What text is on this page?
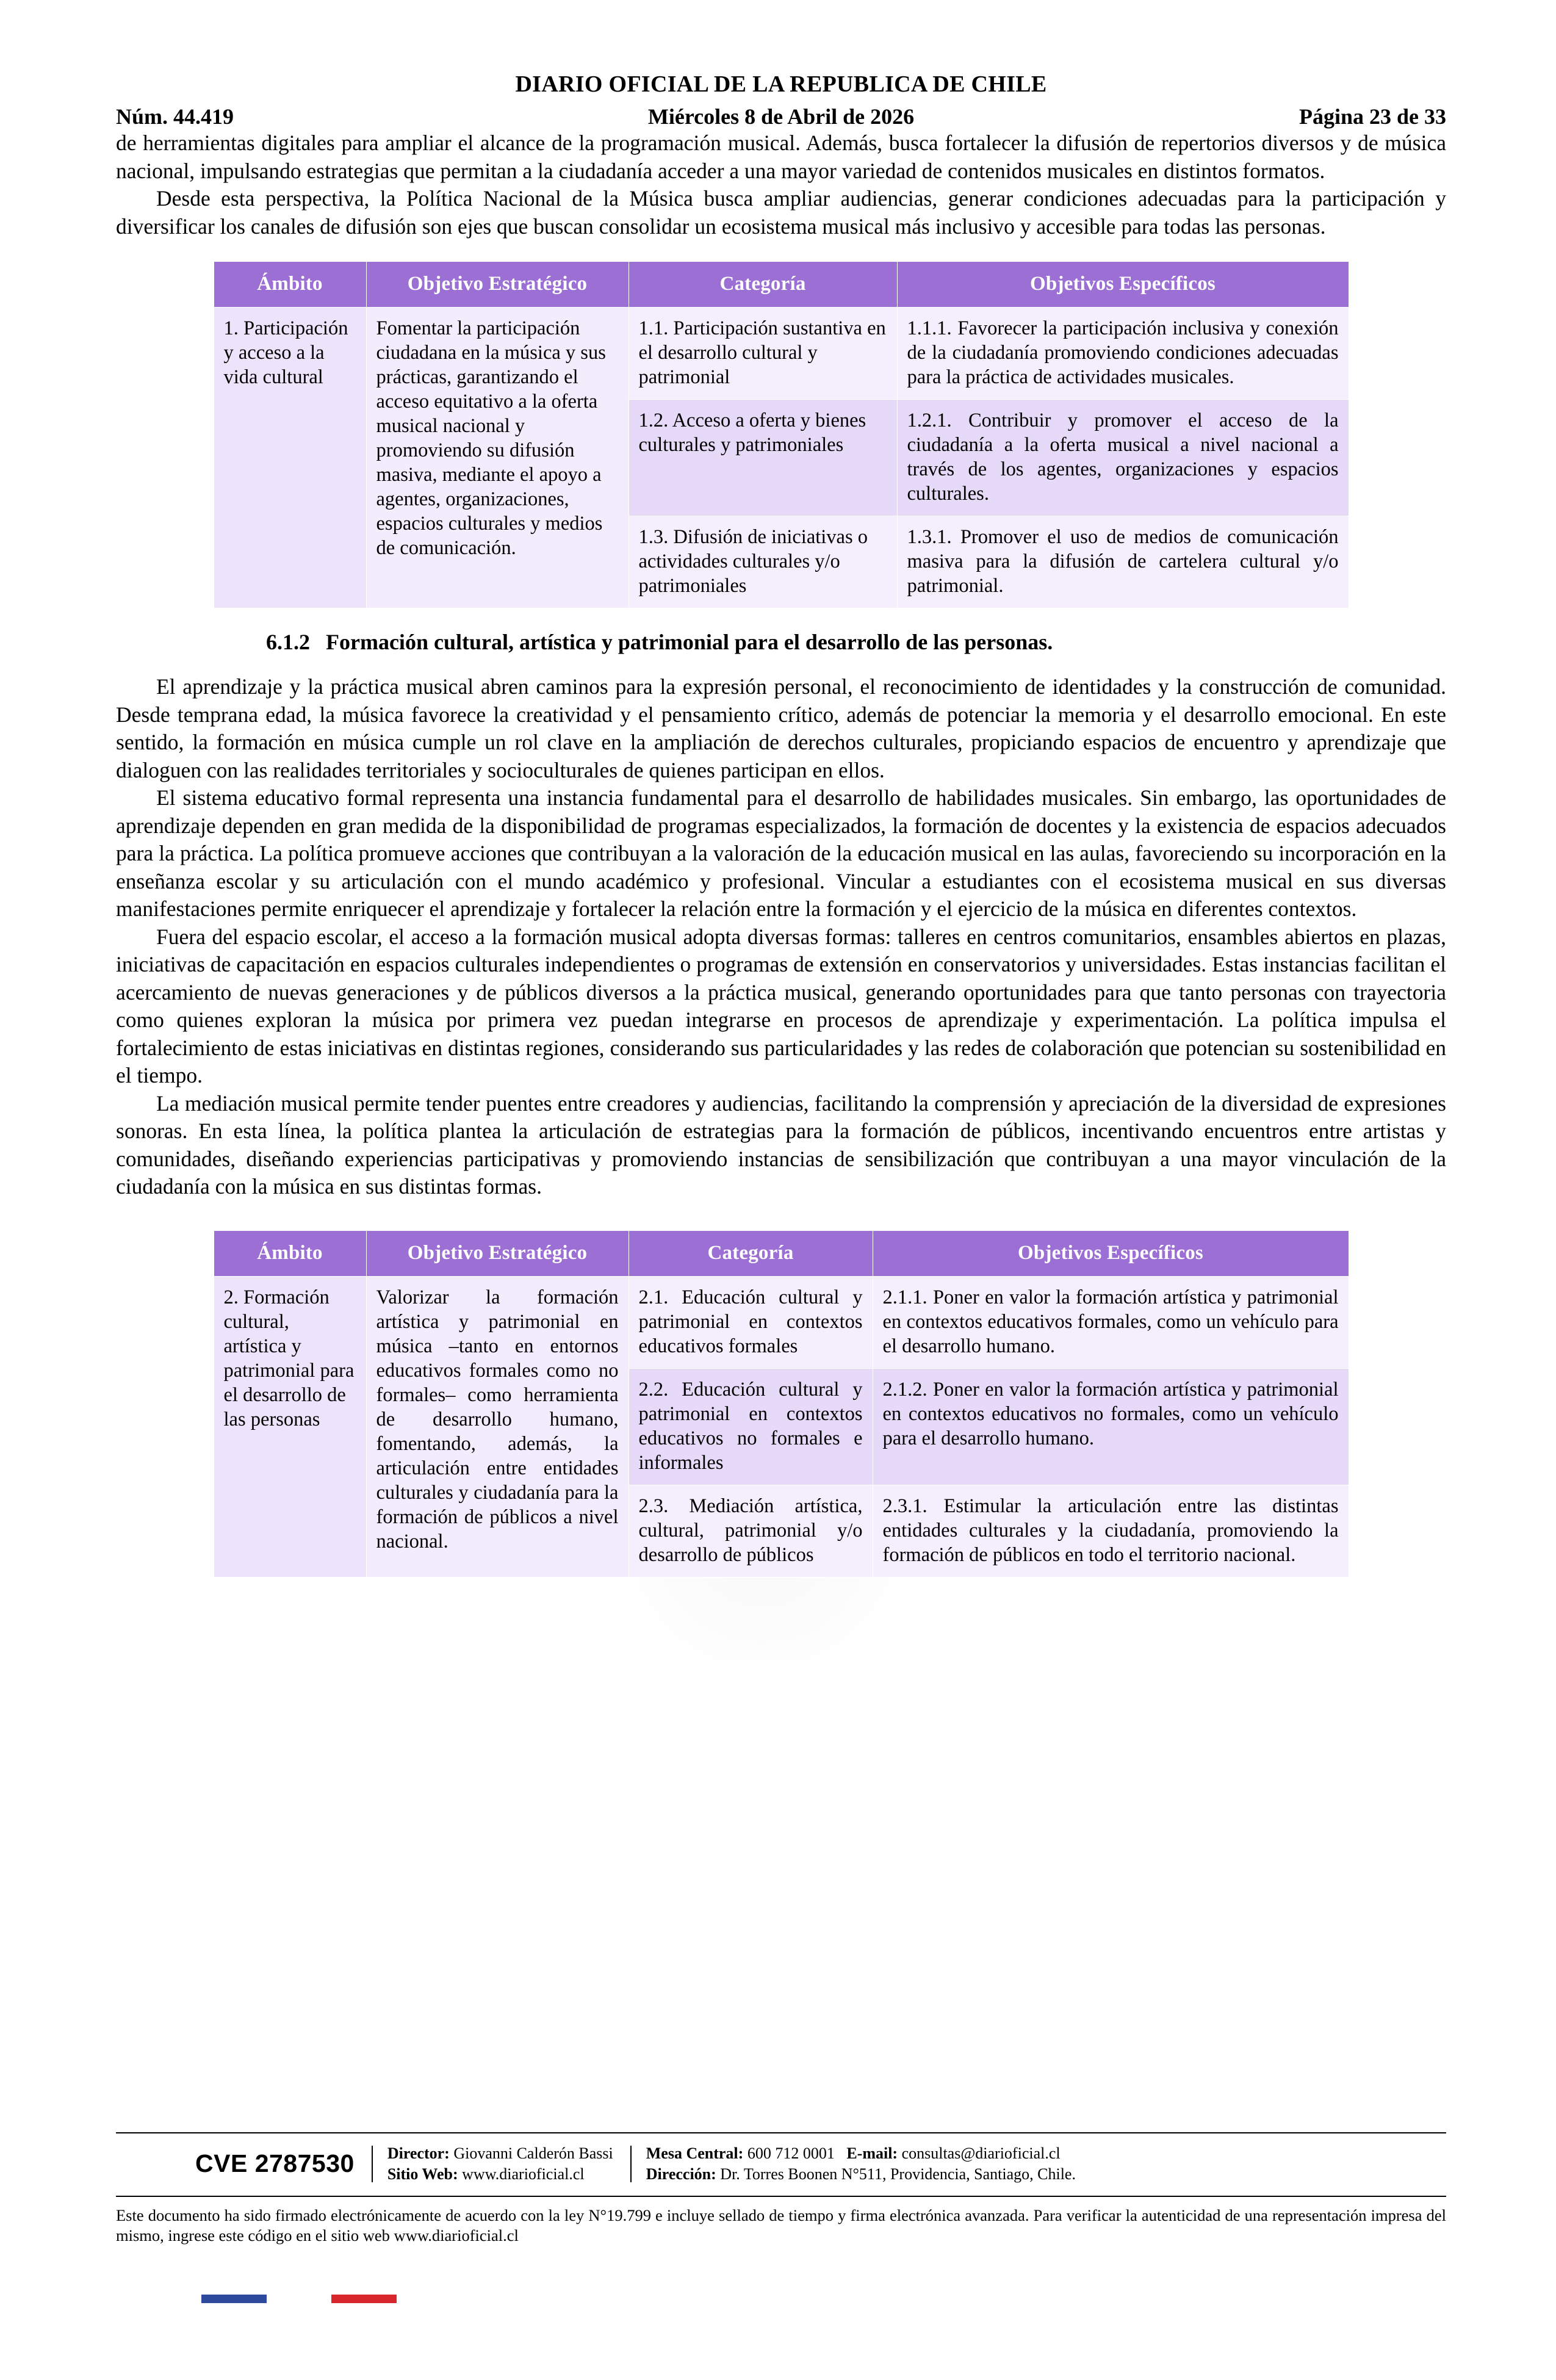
DIARIO OFICIAL DE LA REPUBLICA DE CHILE
Núm. 44.419	Miércoles 8 de Abril de 2026	Página 23 de 33

de herramientas digitales para ampliar el alcance de la programación musical. Además, busca fortalecer la difusión de repertorios diversos y de música nacional, impulsando estrategias que permitan a la ciudadanía acceder a una mayor variedad de contenidos musicales en distintos formatos.

Desde esta perspectiva, la Política Nacional de la Música busca ampliar audiencias, generar condiciones adecuadas para la participación y diversificar los canales de difusión son ejes que buscan consolidar un ecosistema musical más inclusivo y accesible para todas las personas.

Ámbito	Objetivo Estratégico	Categoría	Objetivos Específicos
1. Participación y acceso a la vida cultural	Fomentar la participación ciudadana en la música y sus prácticas, garantizando el acceso equitativo a la oferta musical nacional y promoviendo su difusión masiva, mediante el apoyo a agentes, organizaciones, espacios culturales y medios de comunicación.	1.1. Participación sustantiva en el desarrollo cultural y patrimonial	1.1.1. Favorecer la participación inclusiva y conexión de la ciudadanía promoviendo condiciones adecuadas para la práctica de actividades musicales.
		1.2. Acceso a oferta y bienes culturales y patrimoniales	1.2.1. Contribuir y promover el acceso de la ciudadanía a la oferta musical a nivel nacional a través de los agentes, organizaciones y espacios culturales.
		1.3. Difusión de iniciativas o actividades culturales y/o patrimoniales	1.3.1. Promover el uso de medios de comunicación masiva para la difusión de cartelera cultural y/o patrimonial.
6.1.2 Formación cultural, artística y patrimonial para el desarrollo de las personas.

El aprendizaje y la práctica musical abren caminos para la expresión personal, el reconocimiento de identidades y la construcción de comunidad. Desde temprana edad, la música favorece la creatividad y el pensamiento crítico, además de potenciar la memoria y el desarrollo emocional. En este sentido, la formación en música cumple un rol clave en la ampliación de derechos culturales, propiciando espacios de encuentro y aprendizaje que dialoguen con las realidades territoriales y socioculturales de quienes participan en ellos.

El sistema educativo formal representa una instancia fundamental para el desarrollo de habilidades musicales. Sin embargo, las oportunidades de aprendizaje dependen en gran medida de la disponibilidad de programas especializados, la formación de docentes y la existencia de espacios adecuados para la práctica. La política promueve acciones que contribuyan a la valoración de la educación musical en las aulas, favoreciendo su incorporación en la enseñanza escolar y su articulación con el mundo académico y profesional. Vincular a estudiantes con el ecosistema musical en sus diversas manifestaciones permite enriquecer el aprendizaje y fortalecer la relación entre la formación y el ejercicio de la música en diferentes contextos.

Fuera del espacio escolar, el acceso a la formación musical adopta diversas formas: talleres en centros comunitarios, ensambles abiertos en plazas, iniciativas de capacitación en espacios culturales independientes o programas de extensión en conservatorios y universidades. Estas instancias facilitan el acercamiento de nuevas generaciones y de públicos diversos a la práctica musical, generando oportunidades para que tanto personas con trayectoria como quienes exploran la música por primera vez puedan integrarse en procesos de aprendizaje y experimentación. La política impulsa el fortalecimiento de estas iniciativas en distintas regiones, considerando sus particularidades y las redes de colaboración que potencian su sostenibilidad en el tiempo.

La mediación musical permite tender puentes entre creadores y audiencias, facilitando la comprensión y apreciación de la diversidad de expresiones sonoras. En esta línea, la política plantea la articulación de estrategias para la formación de públicos, incentivando encuentros entre artistas y comunidades, diseñando experiencias participativas y promoviendo instancias de sensibilización que contribuyan a una mayor vinculación de la ciudadanía con la música en sus distintas formas.

Ámbito	Objetivo Estratégico	Categoría	Objetivos Específicos
2. Formación cultural, artística y patrimonial para el desarrollo de las personas	Valorizar la formación artística y patrimonial en música –tanto en entornos educativos formales como no formales– como herramienta de desarrollo humano, fomentando, además, la articulación entre entidades culturales y ciudadanía para la formación de públicos a nivel nacional.	2.1. Educación cultural y patrimonial en contextos educativos formales	2.1.1. Poner en valor la formación artística y patrimonial en contextos educativos formales, como un vehículo para el desarrollo humano.
		2.2. Educación cultural y patrimonial en contextos educativos no formales e informales	2.1.2. Poner en valor la formación artística y patrimonial en contextos educativos no formales, como un vehículo para el desarrollo humano.
		2.3. Mediación artística, cultural, patrimonial y/o desarrollo de públicos	2.3.1. Estimular la articulación entre las distintas entidades culturales y la ciudadanía, promoviendo la formación de públicos en todo el territorio nacional.
CVE 2787530 Director: Giovanni Calderón Bassi
Sitio Web: www.diarioficial.cl
Mesa Central: 600 712 0001 E-mail: consultas@diarioficial.cl
Dirección: Dr. Torres Boonen N°511, Providencia, Santiago, Chile.
Este documento ha sido firmado electrónicamente de acuerdo con la ley N°19.799 e incluye sellado de tiempo y firma electrónica avanzada. Para verificar la autenticidad de una representación impresa del mismo, ingrese este código en el sitio web www.diarioficial.cl
